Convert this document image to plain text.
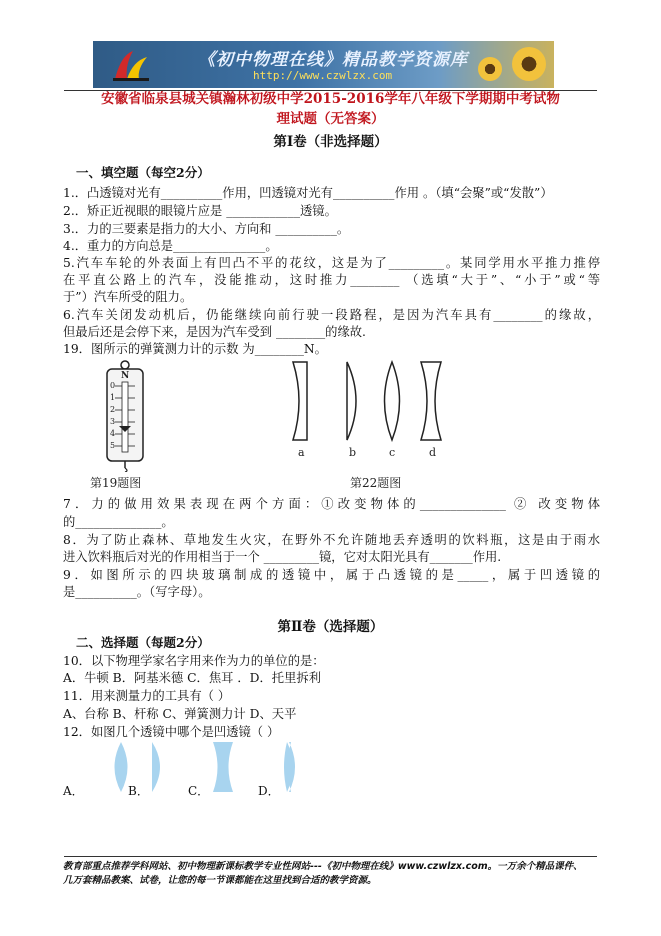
《初中物理在线》精品教学资源库
http://www.czwlzx.com
安徽省临泉县城关镇瀚林初级中学2015-2016学年八年级下学期期中考试物
理试题（无答案）
第Ⅰ卷（非选择题）
一、填空题（每空2分）
1.．凸透镜对光有__________作用，凹透镜对光有__________作用 。（填“会聚”或“发散”）
2.．矫正近视眼的眼镜片应是 ____________透镜。
3.．力的三要素是指力的大小、方向和 __________。
4.．重力的方向总是_______________。
5.汽车车轮的外表面上有凹凸不平的花纹，这是为了_________。某同学用水平推力推停
在平直公路上的汽车，没能推动，这时推力________ （选填“大于”、“小于”或“等
于”）汽车所受的阻力。
6.汽车关闭发动机后，仍能继续向前行驶一段路程，是因为汽车具有________的缘故，
但最后还是会停下来，是因为汽车受到 ________的缘故.
19．图所示的弹簧测力计的示数 为________N。
N
0
1
2
3
4
5
第19题图
a	b	c	d
第22题图
7．力的做用效果表现在两个方面：①改变物体的______________ ② 改变物体
的______________。
8．为了防止森林、草地发生火灾，在野外不允许随地丢弃透明的饮料瓶，这是由于雨水
进入饮料瓶后对光的作用相当于一个 _________镜，它对太阳光具有_______作用.
9．如图所示的四块玻璃制成的透镜中，属于凸透镜的是_____，属于凹透镜的
是__________。（写字母）。
第Ⅱ卷（选择题）
二、选择题（每题2分）
10．以下物理学家名字用来作为力的单位的是：
A．牛顿 B．阿基米德 C．焦耳 ．D．托里拆利
11．用来测量力的工具有（ ）
A、台称 B、杆称 C、弹簧测力计 D、天平
12．如图几个透镜中哪个是凹透镜（ ）
A．	B．	C．	D．
教育部重点推荐学科网站、初中物理新课标教学专业性网站---《初中物理在线》www.czwlzx.com。一万余个精品课件、
几万套精品教案、试卷，让您的每一节课都能在这里找到合适的教学资源。
